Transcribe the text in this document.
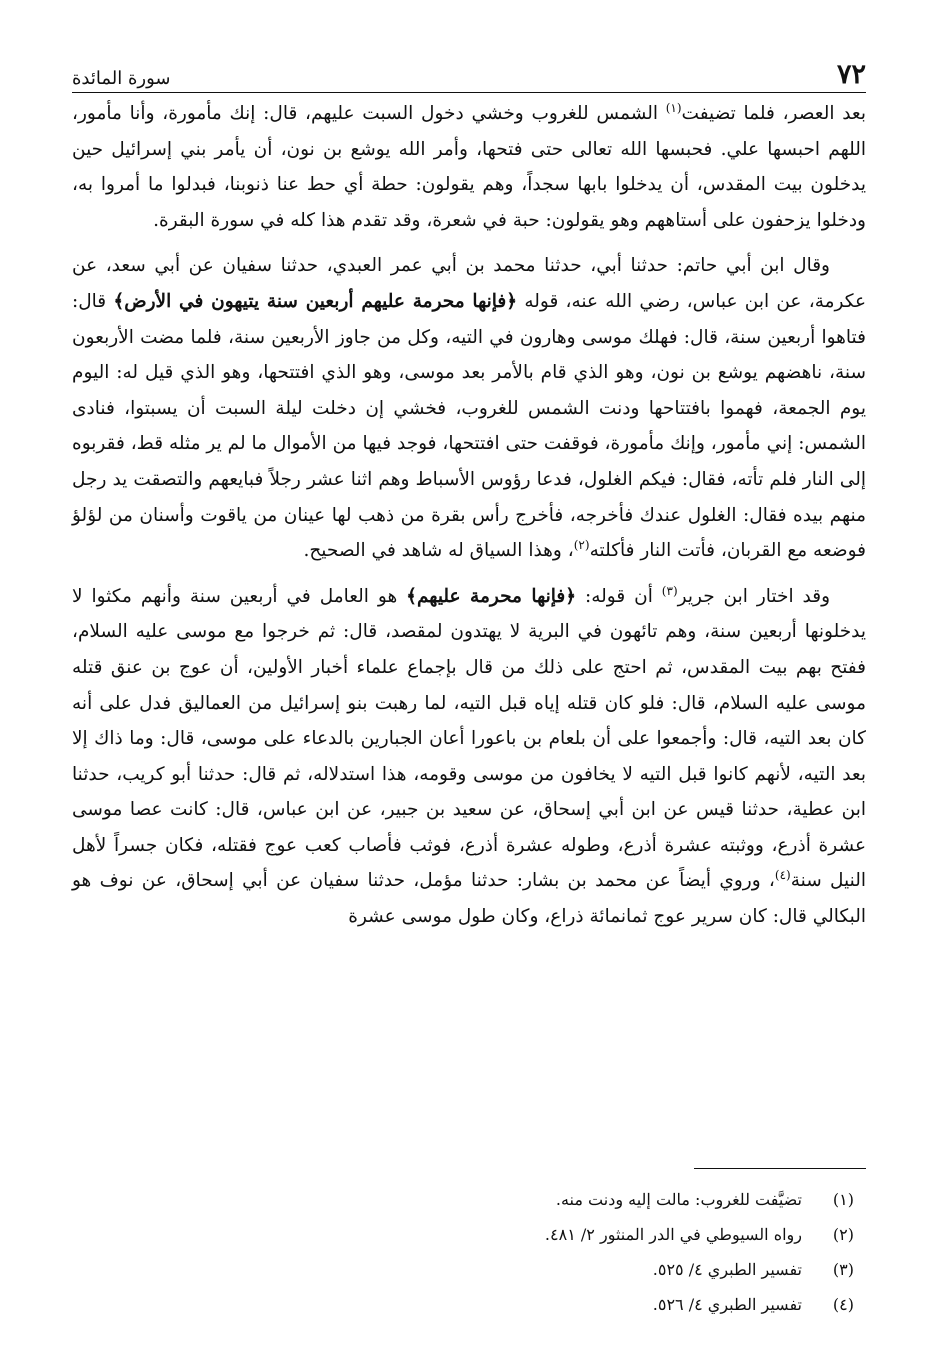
٧٢
سورة المائدة

بعد العصر، فلما تضيفت$^{(١)}$ الشمس للغروب وخشي دخول السبت عليهم، قال: إنك مأمورة، وأنا مأمور، اللهم احبسها علي. فحبسها الله تعالى حتى فتحها، وأمر الله يوشع بن نون، أن يأمر بني إسرائيل حين يدخلون بيت المقدس، أن يدخلوا بابها سجداً، وهم يقولون: حطة أي حط عنا ذنوبنا، فبدلوا ما أمروا به، ودخلوا يزحفون على أستاههم وهو يقولون: حبة في شعرة، وقد تقدم هذا كله في سورة البقرة.

وقال ابن أبي حاتم: حدثنا أبي، حدثنا محمد بن أبي عمر العبدي، حدثنا سفيان عن أبي سعد، عن عكرمة، عن ابن عباس، رضي الله عنه، قوله ﴿فإنها محرمة عليهم أربعين سنة يتيهون في الأرض﴾ قال: فتاهوا أربعين سنة، قال: فهلك موسى وهارون في التيه، وكل من جاوز الأربعين سنة، فلما مضت الأربعون سنة، ناهضهم يوشع بن نون، وهو الذي قام بالأمر بعد موسى، وهو الذي افتتحها، وهو الذي قيل له: اليوم يوم الجمعة، فهموا بافتتاحها ودنت الشمس للغروب، فخشي إن دخلت ليلة السبت أن يسبتوا، فنادى الشمس: إني مأمور، وإنك مأمورة، فوقفت حتى افتتحها، فوجد فيها من الأموال ما لم ير مثله قط، فقربوه إلى النار فلم تأته، فقال: فيكم الغلول، فدعا رؤوس الأسباط وهم اثنا عشر رجلاً فبايعهم والتصقت يد رجل منهم بيده فقال: الغلول عندك فأخرجه، فأخرج رأس بقرة من ذهب لها عينان من ياقوت وأسنان من لؤلؤ فوضعه مع القربان، فأتت النار فأكلته$^{(٢)}$، وهذا السياق له شاهد في الصحيح.

وقد اختار ابن جرير$^{(٣)}$ أن قوله: ﴿فإنها محرمة عليهم﴾ هو العامل في أربعين سنة وأنهم مكثوا لا يدخلونها أربعين سنة، وهم تائهون في البرية لا يهتدون لمقصد، قال: ثم خرجوا مع موسى عليه السلام، ففتح بهم بيت المقدس، ثم احتج على ذلك من قال بإجماع علماء أخبار الأولين، أن عوج بن عنق قتله موسى عليه السلام، قال: فلو كان قتله إياه قبل التيه، لما رهبت بنو إسرائيل من العماليق فدل على أنه كان بعد التيه، قال: وأجمعوا على أن بلعام بن باعورا أعان الجبارين بالدعاء على موسى، قال: وما ذاك إلا بعد التيه، لأنهم كانوا قبل التيه لا يخافون من موسى وقومه، هذا استدلاله، ثم قال: حدثنا أبو كريب، حدثنا ابن عطية، حدثنا قيس عن ابن أبي إسحاق، عن سعيد بن جبير، عن ابن عباس، قال: كانت عصا موسى عشرة أذرع، ووثبته عشرة أذرع، وطوله عشرة أذرع، فوثب فأصاب كعب عوج فقتله، فكان جسراً لأهل النيل سنة$^{(٤)}$، وروي أيضاً عن محمد بن بشار: حدثنا مؤمل، حدثنا سفيان عن أبي إسحاق، عن نوف هو البكالي قال: كان سرير عوج ثمانمائة ذراع، وكان طول موسى عشرة

(١)
تضيَّفت للغروب: مالت إليه ودنت منه.
(٢)
رواه السيوطي في الدر المنثور ٢/ ٤٨١.
(٣)
تفسير الطبري ٤/ ٥٢٥.
(٤)
تفسير الطبري ٤/ ٥٢٦.
